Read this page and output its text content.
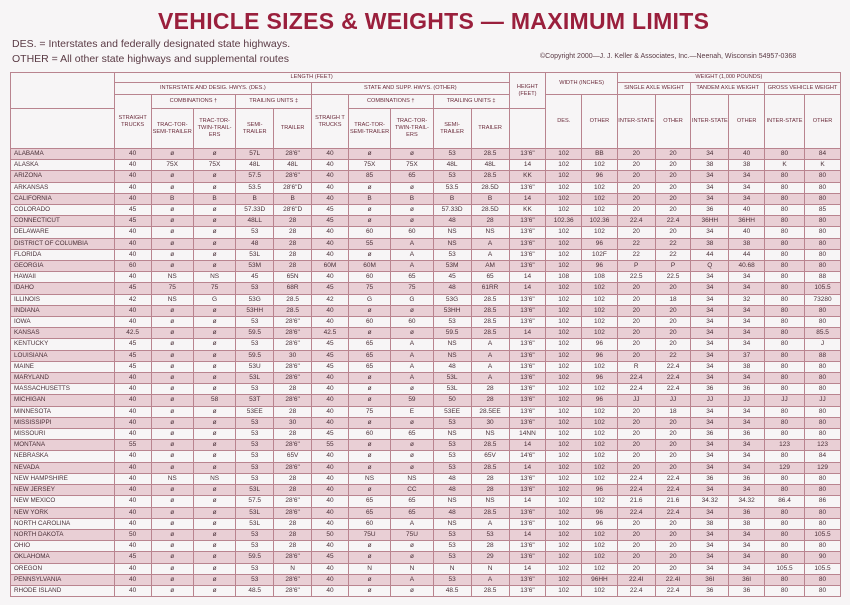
VEHICLE SIZES & WEIGHTS — MAXIMUM LIMITS
DES. = Interstates and federally designated state highways.
OTHER = All other state highways and supplemental routes	©Copyright 2000—J. J. Keller & Associates, Inc.—Neenah, Wisconsin 54957-0368
	LENGTH (FEET)										HEIGHT (FEET)	WIDTH (INCHES)		WEIGHT (1,000 POUNDS)					
	INTERSTATE AND DESIG. HWYS. (DES.)					STATE AND SUPP. HWYS. (OTHER)								SINGLE AXLE WEIGHT		TANDEM AXLE WEIGHT		GROSS VEHICLE WEIGHT	
	STRAIGHT TRUCKS	COMBINATIONS †		TRAILING UNITS ‡		STRAIGH T TRUCKS	COMBINATIONS †		TRAILING UNITS ‡			DES.	OTHER	INTER-STATE	OTHER	INTER-STATE	OTHER	INTER-STATE	OTHER
		TRAC-TOR-SEMI-TRAILER	TRAC-TOR-TWIN-TRAIL-ERS	SEMI-TRAILER	TRAILER		TRAC-TOR-SEMI-TRAILER	TRAC-TOR-TWIN-TRAIL-ERS	SEMI-TRAILER	TRAILER									
ALABAMA	40	ø	ø	57L	28'6"	40	ø	ø	53	28.5	13'6"	102	BB	20	20	34	40	80	84
ALASKA	40	75X	75X	48L	48L	40	75X	75X	48L	48L	14	102	102	20	20	38	38	K	K
ARIZONA	40	ø	ø	57.5	28'6"	40	85	65	53	28.5	KK	102	96	20	20	34	34	80	80
ARKANSAS	40	ø	ø	53.5	28'6"D	40	ø	ø	53.5	28.5D	13'6"	102	102	20	20	34	34	80	80
CALIFORNIA	40	B	B	B	B	40	B	B	B	B	14	102	102	20	20	34	34	80	80
COLORADO	45	ø	ø	57.33D	28'6"D	45	ø	ø	57.33D	28.5D	KK	102	102	20	20	36	40	80	85
CONNECTICUT	45	ø	ø	48LL	28	45	ø	ø	48	28	13'6"	102.36	102.36	22.4	22.4	36HH	36HH	80	80
DELAWARE	40	ø	ø	53	28	40	60	60	NS	NS	13'6"	102	102	20	20	34	40	80	80
DISTRICT OF COLUMBIA	40	ø	ø	48	28	40	55	A	NS	A	13'6"	102	96	22	22	38	38	80	80
FLORIDA	40	ø	ø	53L	28	40	ø	A	53	A	13'6"	102	102F	22	22	44	44	80	80
GEORGIA	60	ø	ø	53M	28	60M	60M	A	53M	AM	13'6"	102	96	P	P	Q	40.68	80	80
HAWAII	40	NS	NS	45	65N	40	60	65	45	65	14	108	108	22.5	22.5	34	34	80	88
IDAHO	45	75	75	53	68R	45	75	75	48	61RR	14	102	102	20	20	34	34	80	105.5
ILLINOIS	42	NS	G	53G	28.5	42	G	G	53G	28.5	13'6"	102	102	20	18	34	32	80	73280
INDIANA	40	ø	ø	53HH	28.5	40	ø	ø	53HH	28.5	13'6"	102	102	20	20	34	34	80	80
IOWA	40	ø	ø	53	28'6"	40	60	60	53	28.5	13'6"	102	102	20	20	34	34	80	80
KANSAS	42.5	ø	ø	59.5	28'6"	42.5	ø	ø	59.5	28.5	14	102	102	20	20	34	34	80	85.5
KENTUCKY	45	ø	ø	53	28'6"	45	65	A	NS	A	13'6"	102	96	20	20	34	34	80	J
LOUISIANA	45	ø	ø	59.5	30	45	65	A	NS	A	13'6"	102	96	20	22	34	37	80	88
MAINE	45	ø	ø	53U	28'6"	45	65	A	48	A	13'6"	102	102	R	22.4	34	38	80	80
MARYLAND	40	ø	ø	53L	28'6"	40	ø	A	53L	A	13'6"	102	96	22.4	22.4	34	34	80	80
MASSACHUSETTS	40	ø	ø	53	28	40	ø	ø	53L	28	13'6"	102	102	22.4	22.4	36	36	80	80
MICHIGAN	40	ø	58	53T	28'6"	40	ø	59	50	28	13'6"	102	96	JJ	JJ	JJ	JJ	JJ	JJ
MINNESOTA	40	ø	ø	53EE	28	40	75	E	53EE	28.5EE	13'6"	102	102	20	18	34	34	80	80
MISSISSIPPI	40	ø	ø	53	30	40	ø	ø	53	30	13'6"	102	102	20	20	34	34	80	80
MISSOURI	40	ø	ø	53	28	45	60	65	NS	NS	14NN	102	102	20	20	36	36	80	80
MONTANA	55	ø	ø	53	28'6"	55	ø	ø	53	28.5	14	102	102	20	20	34	34	123	123
NEBRASKA	40	ø	ø	53	65V	40	ø	ø	53	65V	14'6"	102	102	20	20	34	34	80	84
NEVADA	40	ø	ø	53	28'6"	40	ø	ø	53	28.5	14	102	102	20	20	34	34	129	129
NEW HAMPSHIRE	40	NS	NS	53	28	40	NS	NS	48	28	13'6"	102	102	22.4	22.4	36	36	80	80
NEW JERSEY	40	ø	ø	53L	28	40	ø	CC	48	28	13'6"	102	96	22.4	22.4	34	34	80	80
NEW MEXICO	40	ø	ø	57.5	28'6"	40	65	65	NS	NS	14	102	102	21.6	21.6	34.32	34.32	86.4	86
NEW YORK	40	ø	ø	53L	28'6"	40	65	65	48	28.5	13'6"	102	96	22.4	22.4	34	36	80	80
NORTH CAROLINA	40	ø	ø	53L	28	40	60	A	NS	A	13'6"	102	96	20	20	38	38	80	80
NORTH DAKOTA	50	ø	ø	53	28	50	75U	75U	53	53	14	102	102	20	20	34	34	80	105.5
OHIO	40	ø	ø	53	28	40	ø	ø	53	28	13'6"	102	102	20	20	34	34	80	80
OKLAHOMA	45	ø	ø	59.5	28'6"	45	ø	ø	53	29	13'6"	102	102	20	20	34	34	80	90
OREGON	40	ø	ø	53	N	40	N	N	N	N	14	102	102	20	20	34	34	105.5	105.5
PENNSYLVANIA	40	ø	ø	53	28'6"	40	ø	A	53	A	13'6"	102	96HH	22.4I	22.4I	36I	36I	80	80
RHODE ISLAND	40	ø	ø	48.5	28'6"	40	ø	ø	48.5	28.5	13'6"	102	102	22.4	22.4	36	36	80	80
